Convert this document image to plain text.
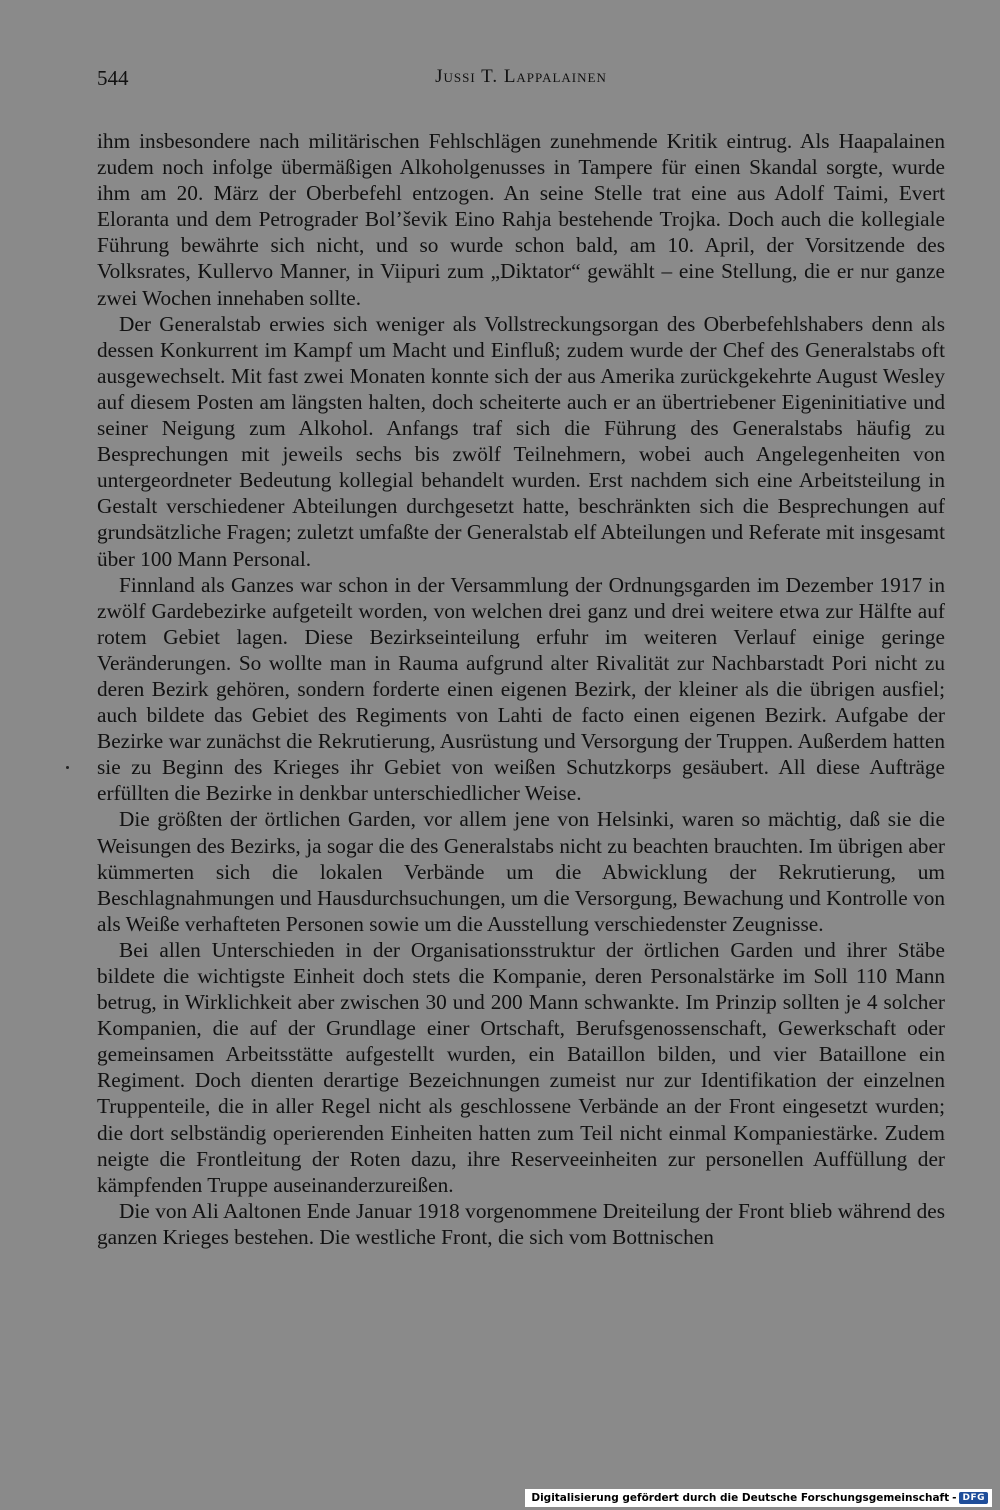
544	Jussi T. Lappalainen

ihm insbesondere nach militärischen Fehlschlägen zunehmende Kritik eintrug. Als Haapalainen zudem noch infolge übermäßigen Alkoholgenusses in Tampere für einen Skandal sorgte, wurde ihm am 20. März der Oberbefehl entzogen. An seine Stelle trat eine aus Adolf Taimi, Evert Eloranta und dem Petrograder Bol’ševik Eino Rahja bestehende Trojka. Doch auch die kollegiale Führung bewährte sich nicht, und so wurde schon bald, am 10. April, der Vorsitzende des Volksrates, Kullervo Manner, in Viipuri zum „Diktator“ gewählt – eine Stellung, die er nur ganze zwei Wochen innehaben sollte.

Der Generalstab erwies sich weniger als Vollstreckungsorgan des Oberbefehlshabers denn als dessen Konkurrent im Kampf um Macht und Einfluß; zudem wurde der Chef des Generalstabs oft ausgewechselt. Mit fast zwei Monaten konnte sich der aus Amerika zurückgekehrte August Wesley auf diesem Posten am längsten halten, doch scheiterte auch er an übertriebener Eigeninitiative und seiner Neigung zum Alkohol. Anfangs traf sich die Führung des Generalstabs häufig zu Besprechungen mit jeweils sechs bis zwölf Teilnehmern, wobei auch Angelegenheiten von untergeordneter Bedeutung kollegial behandelt wurden. Erst nachdem sich eine Arbeitsteilung in Gestalt verschiedener Abteilungen durchgesetzt hatte, beschränkten sich die Besprechungen auf grundsätzliche Fragen; zuletzt umfaßte der Generalstab elf Abteilungen und Referate mit insgesamt über 100 Mann Personal.

Finnland als Ganzes war schon in der Versammlung der Ordnungsgarden im Dezember 1917 in zwölf Gardebezirke aufgeteilt worden, von welchen drei ganz und drei weitere etwa zur Hälfte auf rotem Gebiet lagen. Diese Bezirkseinteilung erfuhr im weiteren Verlauf einige geringe Veränderungen. So wollte man in Rauma aufgrund alter Rivalität zur Nachbarstadt Pori nicht zu deren Bezirk gehören, sondern forderte einen eigenen Bezirk, der kleiner als die übrigen ausfiel; auch bildete das Gebiet des Regiments von Lahti de facto einen eigenen Bezirk. Aufgabe der Bezirke war zunächst die Rekrutierung, Ausrüstung und Versorgung der Truppen. Außerdem hatten sie zu Beginn des Krieges ihr Gebiet von weißen Schutzkorps gesäubert. All diese Aufträge erfüllten die Bezirke in denkbar unterschiedlicher Weise.

Die größten der örtlichen Garden, vor allem jene von Helsinki, waren so mächtig, daß sie die Weisungen des Bezirks, ja sogar die des Generalstabs nicht zu beachten brauchten. Im übrigen aber kümmerten sich die lokalen Verbände um die Abwicklung der Rekrutierung, um Beschlagnahmungen und Hausdurchsuchungen, um die Versorgung, Bewachung und Kontrolle von als Weiße verhafteten Personen sowie um die Ausstellung verschiedenster Zeugnisse.

Bei allen Unterschieden in der Organisationsstruktur der örtlichen Garden und ihrer Stäbe bildete die wichtigste Einheit doch stets die Kompanie, deren Personalstärke im Soll 110 Mann betrug, in Wirklichkeit aber zwischen 30 und 200 Mann schwankte. Im Prinzip sollten je 4 solcher Kompanien, die auf der Grundlage einer Ortschaft, Berufsgenossenschaft, Gewerkschaft oder gemeinsamen Arbeitsstätte aufgestellt wurden, ein Bataillon bilden, und vier Bataillone ein Regiment. Doch dienten derartige Bezeichnungen zumeist nur zur Identifikation der einzelnen Truppenteile, die in aller Regel nicht als geschlossene Verbände an der Front eingesetzt wurden; die dort selbständig operierenden Einheiten hatten zum Teil nicht einmal Kompaniestärke. Zudem neigte die Frontleitung der Roten dazu, ihre Reserveeinheiten zur personellen Auffüllung der kämpfenden Truppe auseinanderzureißen.

Die von Ali Aaltonen Ende Januar 1918 vorgenommene Dreiteilung der Front blieb während des ganzen Krieges bestehen. Die westliche Front, die sich vom Bottnischen

Digitalisierung gefördert durch die Deutsche Forschungsgemeinschaft - DFG
